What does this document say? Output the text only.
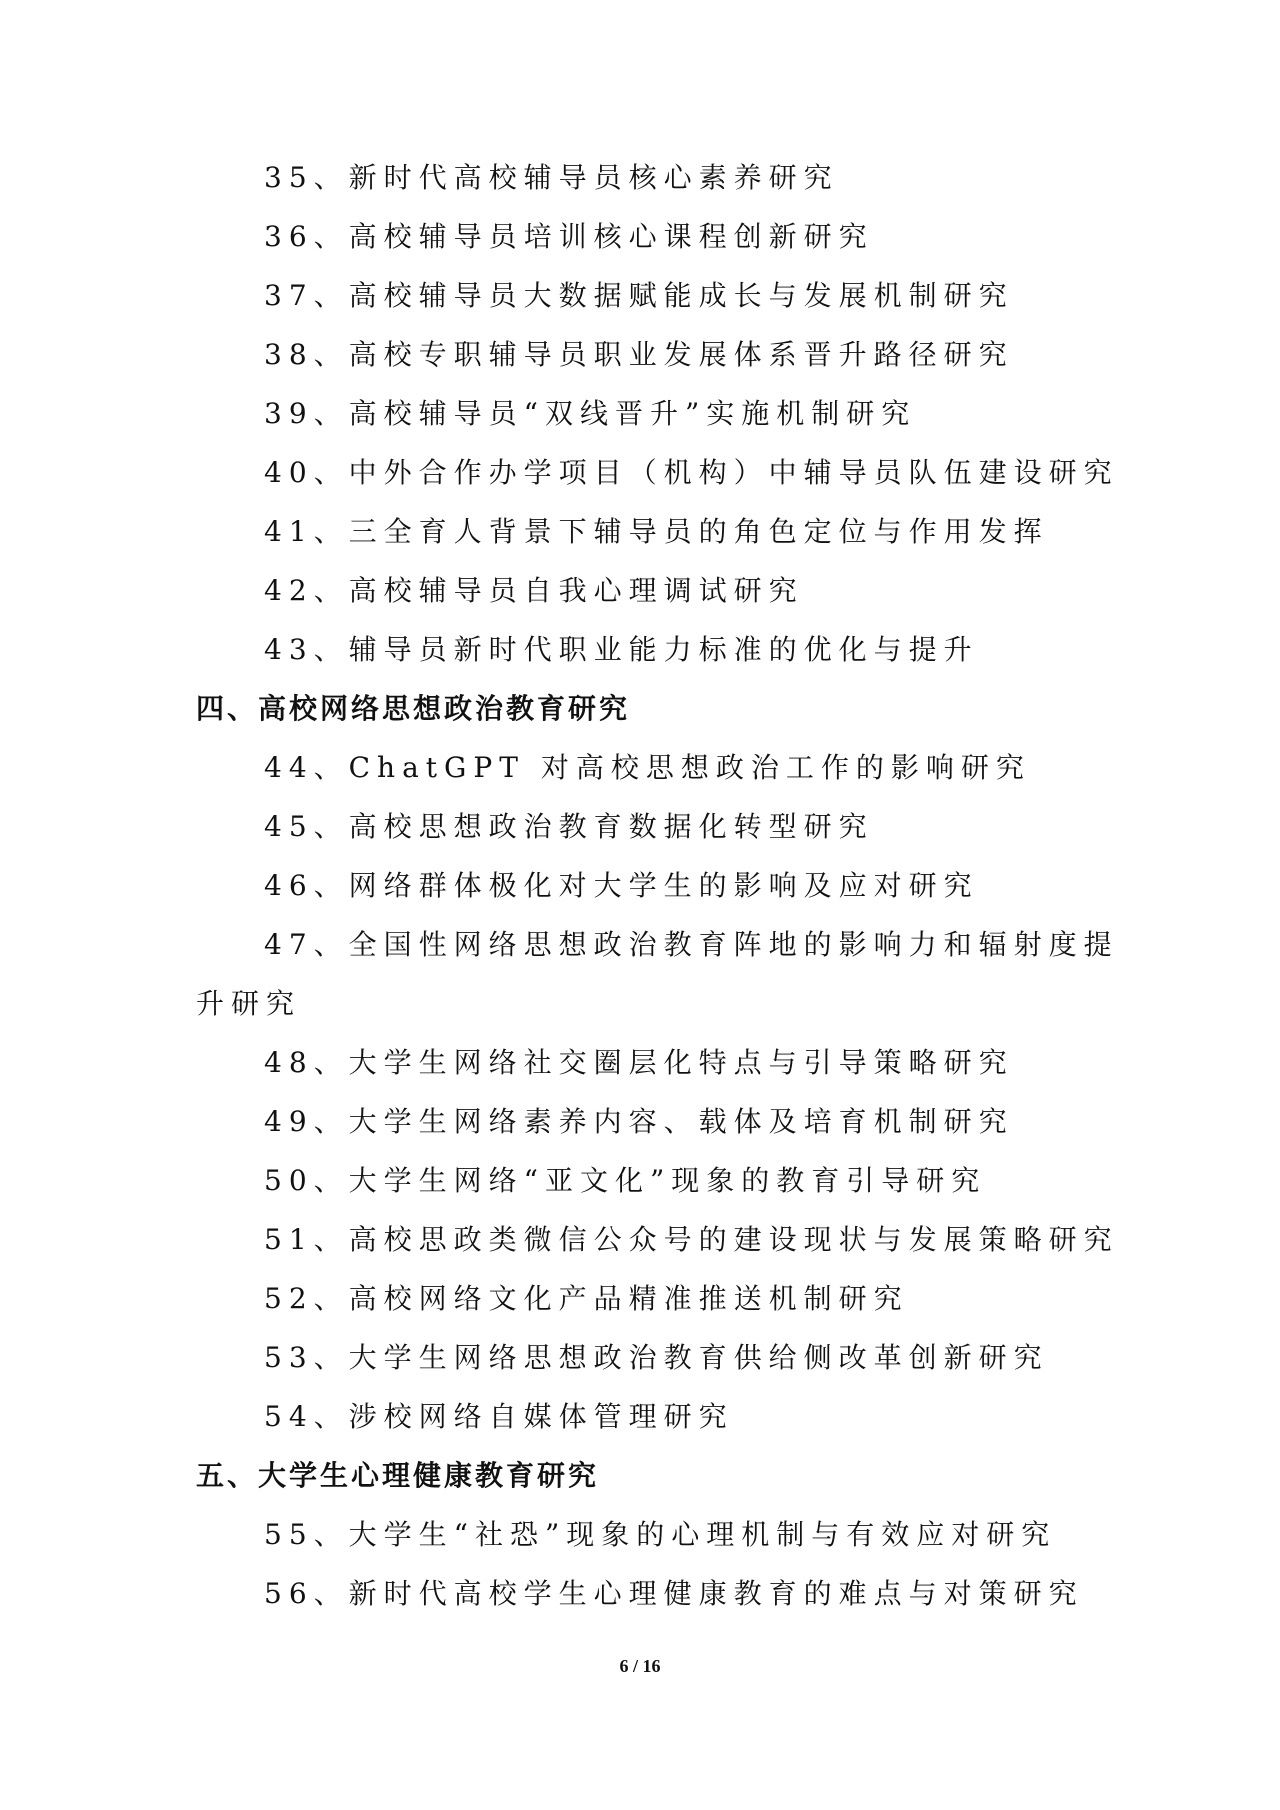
35、新时代高校辅导员核心素养研究
36、高校辅导员培训核心课程创新研究
37、高校辅导员大数据赋能成长与发展机制研究
38、高校专职辅导员职业发展体系晋升路径研究
39、高校辅导员“双线晋升”实施机制研究
40、中外合作办学项目（机构）中辅导员队伍建设研究
41、三全育人背景下辅导员的角色定位与作用发挥
42、高校辅导员自我心理调试研究
43、辅导员新时代职业能力标准的优化与提升
四、高校网络思想政治教育研究
44、ChatGPT 对高校思想政治工作的影响研究
45、高校思想政治教育数据化转型研究
46、网络群体极化对大学生的影响及应对研究
47、全国性网络思想政治教育阵地的影响力和辐射度提
升研究
48、大学生网络社交圈层化特点与引导策略研究
49、大学生网络素养内容、载体及培育机制研究
50、大学生网络“亚文化”现象的教育引导研究
51、高校思政类微信公众号的建设现状与发展策略研究
52、高校网络文化产品精准推送机制研究
53、大学生网络思想政治教育供给侧改革创新研究
54、涉校网络自媒体管理研究
五、大学生心理健康教育研究
55、大学生“社恐”现象的心理机制与有效应对研究
56、新时代高校学生心理健康教育的难点与对策研究
6 / 16
